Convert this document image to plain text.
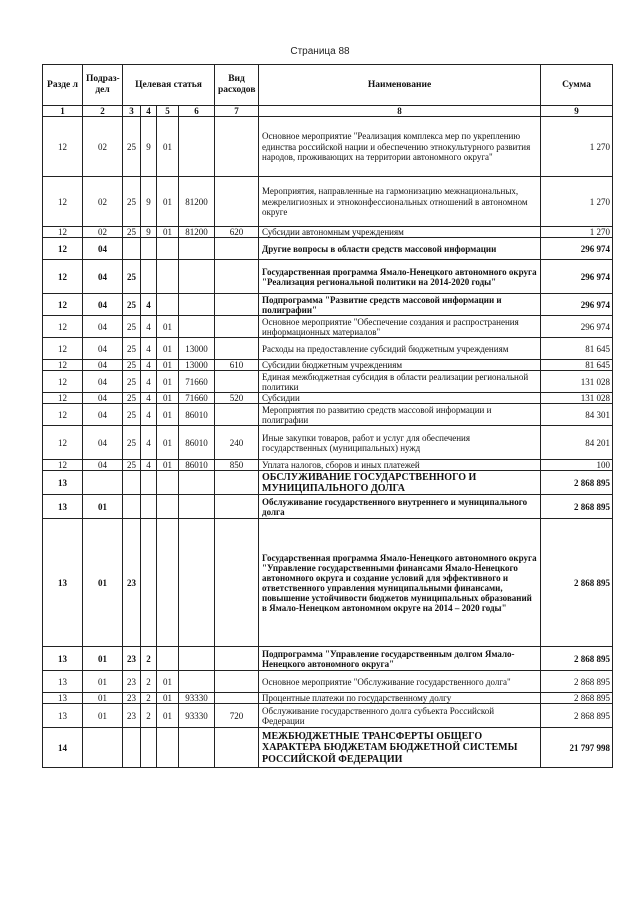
Страница 88
Разде л	Подраз- дел	Целевая статья				Вид расходов	Наименование	Сумма
1	2	3	4	5	6	7	8	9
12	02	25	9	01			Основное мероприятие "Реализация комплекса мер по укреплению единства российской нации и обеспечению этнокультурного развития народов, проживающих на территории автономного округа"	1 270
12	02	25	9	01	81200		Мероприятия, направленные на гармонизацию межнациональных, межрелигиозных и этноконфессиональных отношений в автономном округе	1 270
12	02	25	9	01	81200	620	Субсидии автономным учреждениям	1 270
12	04						Другие вопросы в области средств массовой информации	296 974
12	04	25					Государственная программа Ямало-Ненецкого автономного округа "Реализация региональной политики на 2014-2020 годы"	296 974
12	04	25	4				Подпрограмма "Развитие средств массовой информации и полиграфии"	296 974
12	04	25	4	01			Основное мероприятие "Обеспечение создания и распространения информационных материалов"	296 974
12	04	25	4	01	13000		Расходы на предоставление субсидий бюджетным учреждениям	81 645
12	04	25	4	01	13000	610	Субсидии бюджетным учреждениям	81 645
12	04	25	4	01	71660		Единая межбюджетная субсидия в области реализации региональной политики	131 028
12	04	25	4	01	71660	520	Субсидии	131 028
12	04	25	4	01	86010		Мероприятия по развитию средств массовой информации и полиграфии	84 301
12	04	25	4	01	86010	240	Иные закупки товаров, работ и услуг для обеспечения государственных (муниципальных) нужд	84 201
12	04	25	4	01	86010	850	Уплата налогов, сборов и иных платежей	100
13							ОБСЛУЖИВАНИЕ ГОСУДАРСТВЕННОГО И МУНИЦИПАЛЬНОГО ДОЛГА	2 868 895
13	01						Обслуживание государственного внутреннего и муниципального долга	2 868 895
13	01	23					Государственная программа Ямало-Ненецкого автономного округа "Управление государственными финансами Ямало-Ненецкого автономного округа и создание условий для эффективного и ответственного управления муниципальными финансами, повышение устойчивости бюджетов муниципальных образований в Ямало-Ненецком автономном округе на 2014 – 2020 годы"	2 868 895
13	01	23	2				Подпрограмма "Управление государственным долгом Ямало-Ненецкого автономного округа"	2 868 895
13	01	23	2	01			Основное мероприятие "Обслуживание государственного долга"	2 868 895
13	01	23	2	01	93330		Процентные платежи по государственному долгу	2 868 895
13	01	23	2	01	93330	720	Обслуживание государственного долга субъекта Российской Федерации	2 868 895
14							МЕЖБЮДЖЕТНЫЕ ТРАНСФЕРТЫ ОБЩЕГО ХАРАКТЕРА БЮДЖЕТАМ БЮДЖЕТНОЙ СИСТЕМЫ РОССИЙСКОЙ ФЕДЕРАЦИИ	21 797 998
